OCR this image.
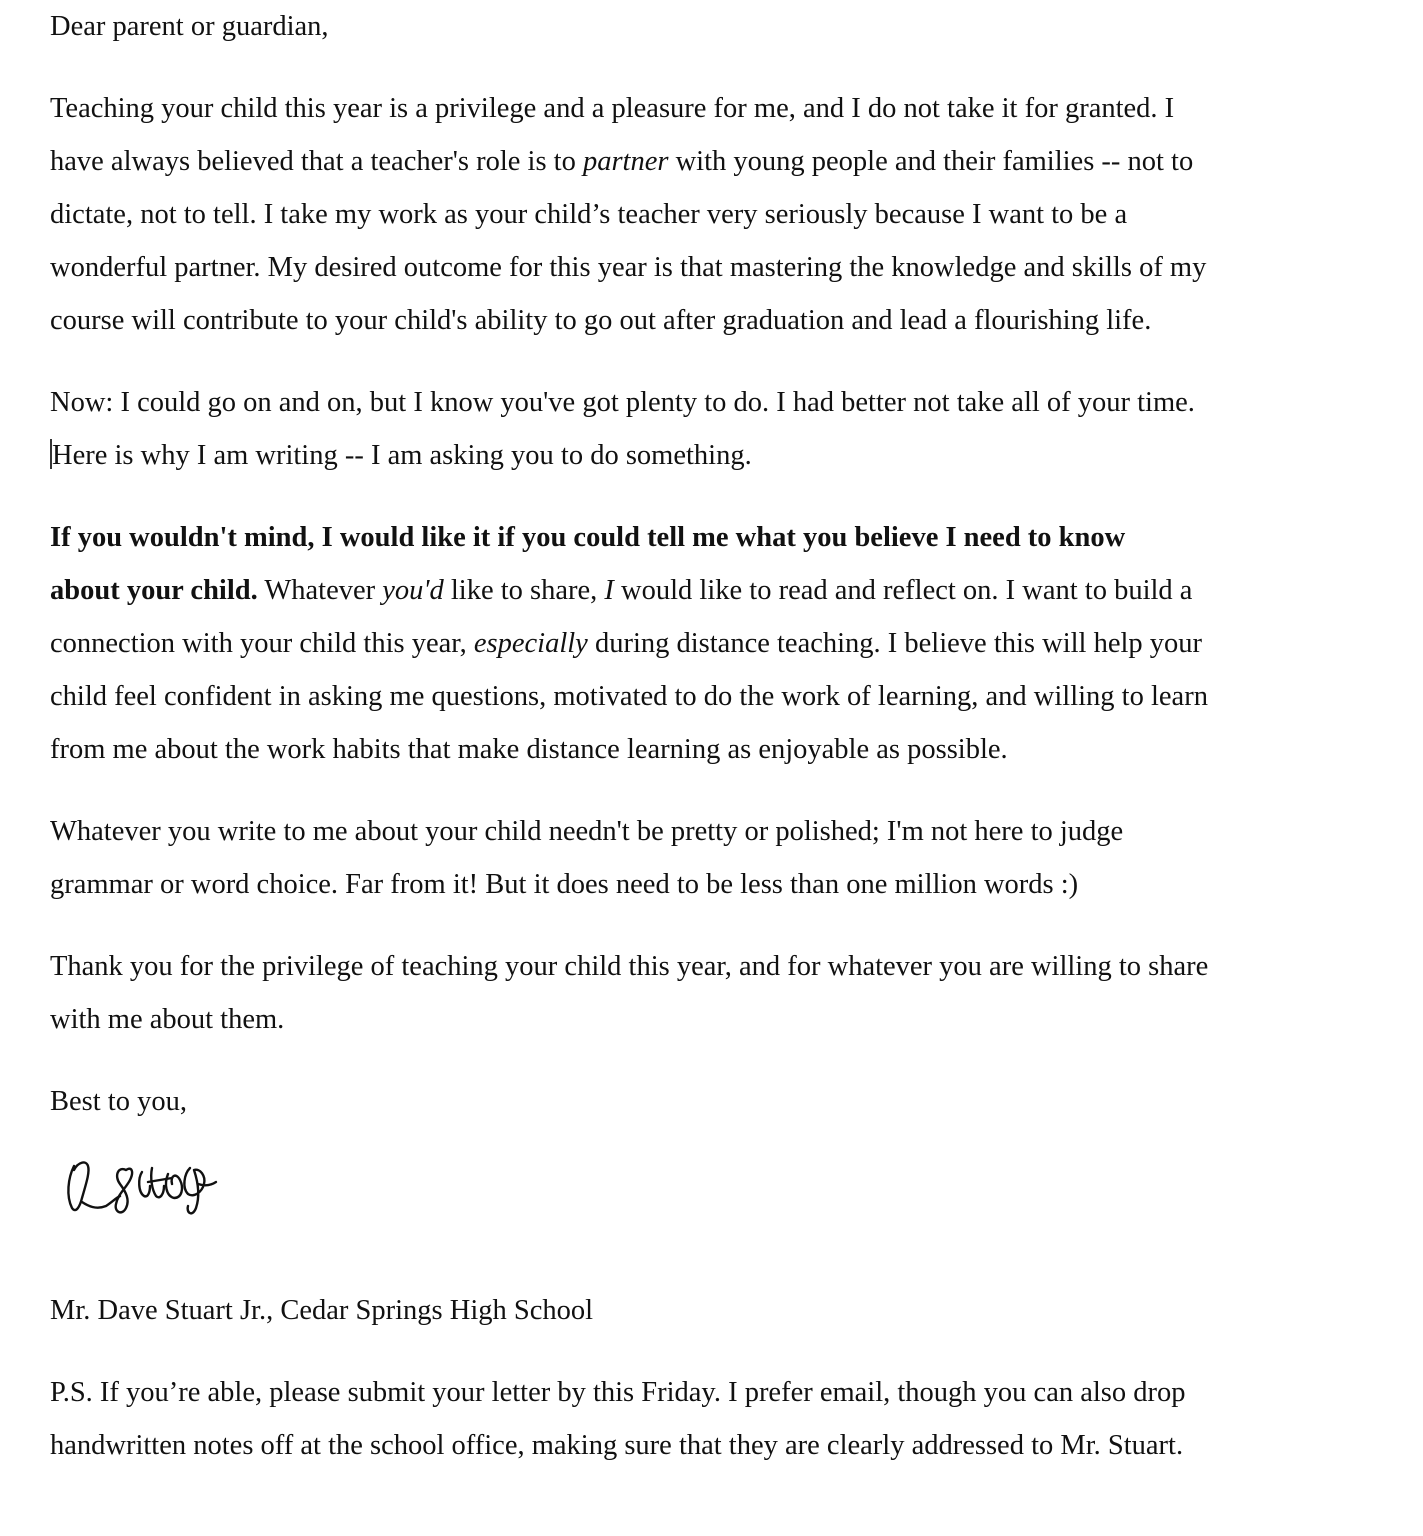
Dear parent or guardian,

Teaching your child this year is a privilege and a pleasure for me, and I do not take it for granted. I

have always believed that a teacher's role is to partner with young people and their families -- not to

dictate, not to tell. I take my work as your child’s teacher very seriously because I want to be a

wonderful partner. My desired outcome for this year is that mastering the knowledge and skills of my

course will contribute to your child's ability to go out after graduation and lead a flourishing life.

Now: I could go on and on, but I know you've got plenty to do. I had better not take all of your time.

Here is why I am writing -- I am asking you to do something.

If you wouldn't mind, I would like it if you could tell me what you believe I need to know

about your child. Whatever you'd like to share, I would like to read and reflect on. I want to build a

connection with your child this year, especially during distance teaching. I believe this will help your

child feel confident in asking me questions, motivated to do the work of learning, and willing to learn

from me about the work habits that make distance learning as enjoyable as possible.

Whatever you write to me about your child needn't be pretty or polished; I'm not here to judge

grammar or word choice. Far from it! But it does need to be less than one million words :)

Thank you for the privilege of teaching your child this year, and for whatever you are willing to share

with me about them.

Best to you,

Mr. Dave Stuart Jr., Cedar Springs High School

P.S. If you’re able, please submit your letter by this Friday. I prefer email, though you can also drop

handwritten notes off at the school office, making sure that they are clearly addressed to Mr. Stuart.
